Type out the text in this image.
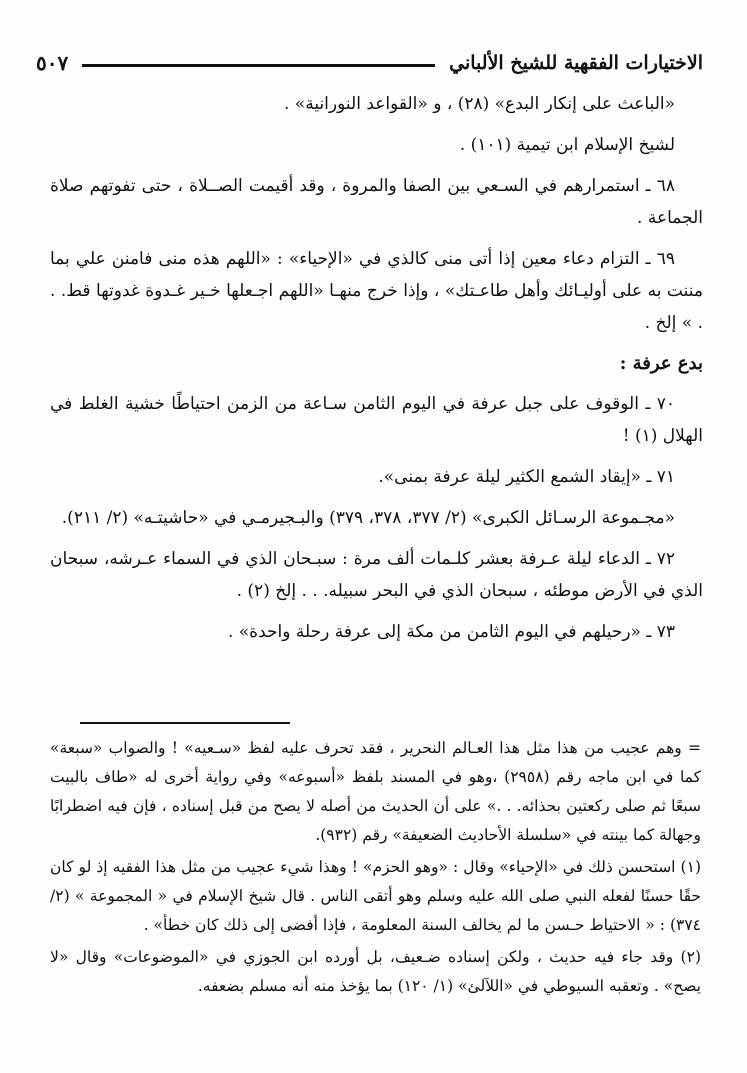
الاختيارات الفقهية للشيخ الألباني
٥٠٧

«الباعث على إنكار البدع» (٢٨) ، و «القواعد النورانية» .

لشيخ الإسلام ابن تيمية (١٠١) .

٦٨ ـ استمرارهم في السـعي بين الصفا والمروة ، وقد أقيمت الصــلاة ، حتى تفوتهم صلاة الجماعة .

٦٩ ـ التزام دعاء معين إذا أتى منى كالذي في «الإحياء» : «اللهم هذه منى فامنن علي بما مننت به على أوليـائك وأهل طاعـتك» ، وإذا خرج منهـا «اللهم اجـعلها خـير غـدوة غدوتها قط. . . » إلخ .

بدع عرفة :

٧٠ ـ الوقوف على جبل عرفة في اليوم الثامن سـاعة من الزمن احتياطًا خشية الغلط في الهلال (١) !

٧١ ـ «إيقاد الشمع الكثير ليلة عرفة بمنى».

«مجـموعة الرسـائل الكبرى» (٢/ ٣٧٧، ٣٧٨، ٣٧٩) والبـجيرمـي في «حاشيتـه» (٢/ ٢١١).

٧٢ ـ الدعاء ليلة عـرفة بعشر كلـمات ألف مرة : سبـحان الذي في السماء عـرشه، سبحان الذي في الأرض موطئه ، سبحان الذي في البحر سبيله. . . إلخ (٢) .

٧٣ ـ «رحيلهم في اليوم الثامن من مكة إلى عرفة رحلة واحدة» .

= وهم عجيب من هذا مثل هذا العـالم النحرير ، فقد تحرف عليه لفظ «سـعيه» ! والصواب «سبعة» كما في ابن ماجه رقم (٢٩٥٨) ،وهو في المسند بلفظ «أسبوعه» وفي رواية أخرى له «طاف بالبيت سبعًا ثم صلى ركعتين بحذائه. . .» على أن الحديث من أصله لا يصح من قبل إسناده ، فإن فيه اضطرابًا وجهالة كما بينته في «سلسلة الأحاديث الضعيفة» رقم (٩٣٢).

(١) استحسن ذلك في «الإحياء» وقال : «وهو الحزم» ! وهذا شيء عجيب من مثل هذا الفقيه إذ لو كان حقًا حسنًا لفعله النبي صلى الله عليه وسلم وهو أتقى الناس . قال شيخ الإسلام في « المجموعة » (٢/ ٣٧٤) : « الاحتياط حـسن ما لم يخالف السنة المعلومة ، فإذا أفضى إلى ذلك كان خطأ» .

(٢) وقد جاء فيه حديث ، ولكن إسناده ضـعيف، بل أورده ابن الجوزي في «الموضوعات» وقال «لا يصح» . وتعقبه السيوطي في «اللآلئ» (١/ ١٢٠) بما يؤخذ منه أنه مسلم بضعفه.
